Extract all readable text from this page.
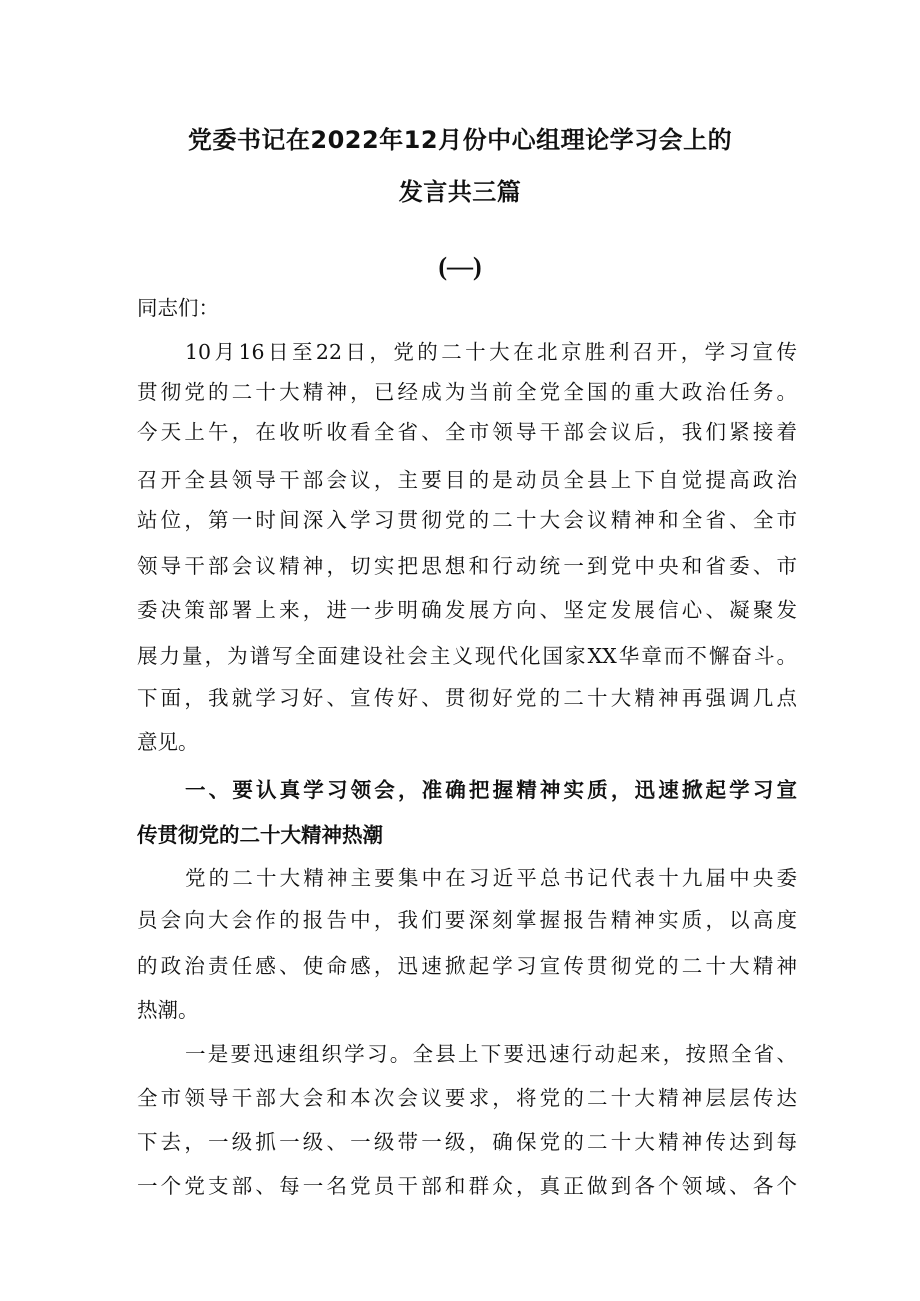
党委书记在2022年12月份中心组理论学习会上的
发言共三篇
(—)
同志们：
10月16日至22日，党的二十大在北京胜利召开，学习宣传
贯彻党的二十大精神，已经成为当前全党全国的重大政治任务。
今天上午，在收听收看全省、全市领导干部会议后，我们紧接着
召开全县领导干部会议，主要目的是动员全县上下自觉提高政治
站位，第一时间深入学习贯彻党的二十大会议精神和全省、全市
领导干部会议精神，切实把思想和行动统一到党中央和省委、市
委决策部署上来，进一步明确发展方向、坚定发展信心、凝聚发
展力量，为谱写全面建设社会主义现代化国家XX华章而不懈奋斗。
下面，我就学习好、宣传好、贯彻好党的二十大精神再强调几点
意见。
一、要认真学习领会，准确把握精神实质，迅速掀起学习宣
传贯彻党的二十大精神热潮
党的二十大精神主要集中在习近平总书记代表十九届中央委
员会向大会作的报告中，我们要深刻掌握报告精神实质，以高度
的政治责任感、使命感，迅速掀起学习宣传贯彻党的二十大精神
热潮。
一是要迅速组织学习。全县上下要迅速行动起来，按照全省、
全市领导干部大会和本次会议要求，将党的二十大精神层层传达
下去，一级抓一级、一级带一级，确保党的二十大精神传达到每
一个党支部、每一名党员干部和群众，真正做到各个领域、各个
